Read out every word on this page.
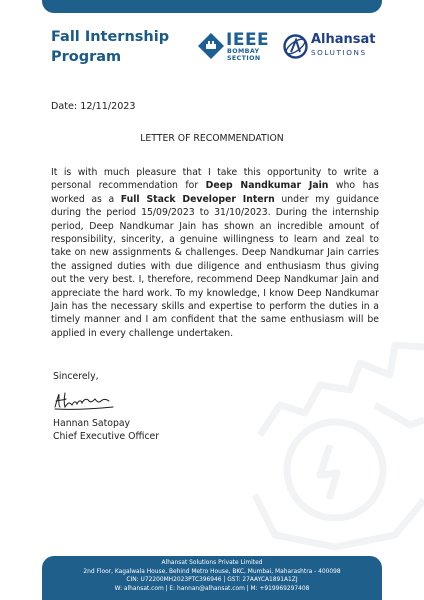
Fall Internship
Program
IEEE
BOMBAY
SECTION
Alhansat
SOLUTIONS
Date: 12/11/2023
LETTER OF RECOMMENDATION
It is with much pleasure that I take this opportunity to write a personal recommendation for Deep Nandkumar Jain who has worked as a Full Stack Developer Intern under my guidance during the period 15/09/2023 to 31/10/2023. During the internship period, Deep Nandkumar Jain has shown an incredible amount of responsibility, sincerity, a genuine willingness to learn and zeal to take on new assignments & challenges. Deep Nandkumar Jain carries the assigned duties with due diligence and enthusiasm thus giving out the very best. I, therefore, recommend Deep Nandkumar Jain and appreciate the hard work. To my knowledge, I know Deep Nandkumar Jain has the necessary skills and expertise to perform the duties in a timely manner and I am confident that the same enthusiasm will be applied in every challenge undertaken.
Sincerely,
Hannan Satopay
Chief Executive Officer
Alhansat Solutions Private Limited
2nd Floor, Kagalwala House, Behind Metro House, BKC, Mumbai, Maharashtra - 400098
CIN: U72200MH2023PTC396946 | GST: 27AAYCA1891A1ZJ
W: alhansat.com | E: hannan@alhansat.com | M: +919969297408
